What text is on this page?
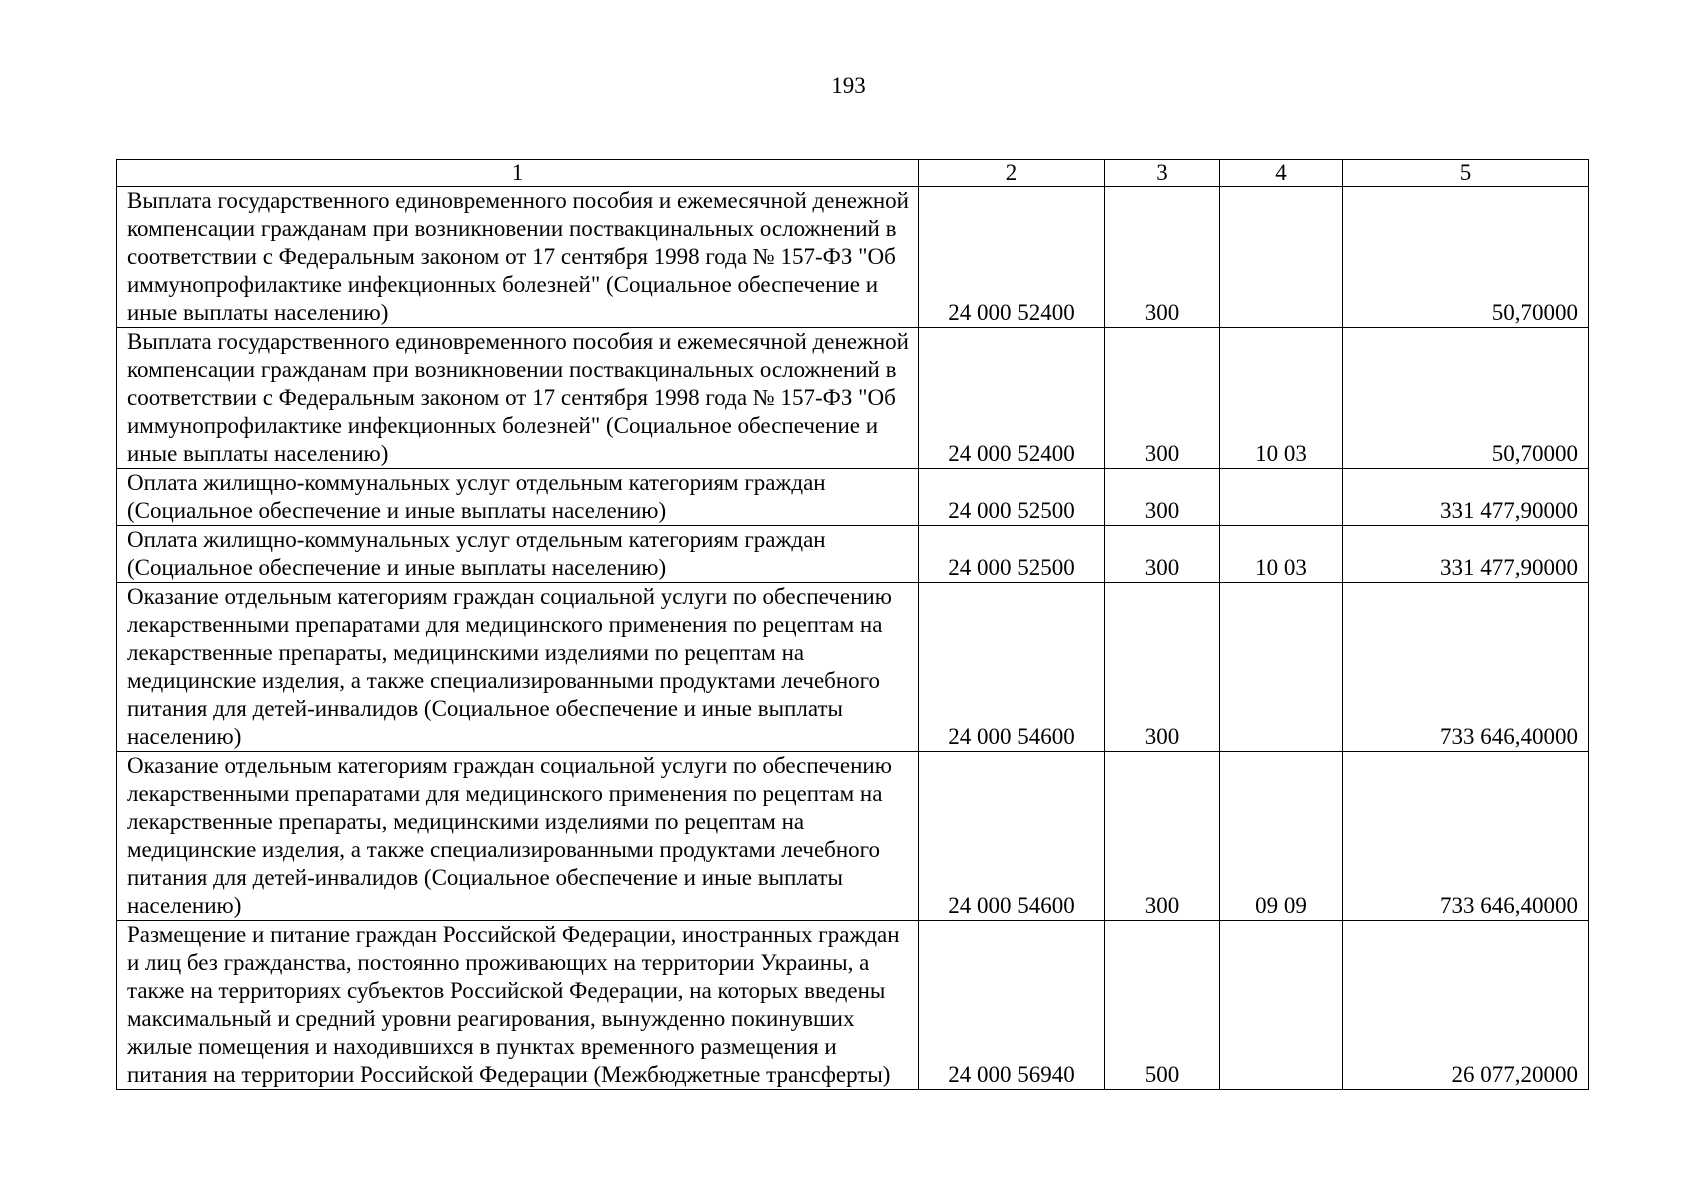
193
1	2	3	4	5
Выплата государственного единовременного пособия и ежемесячной денежной компенсации гражданам при возникновении поствакцинальных осложнений в соответствии с Федеральным законом от 17 сентября 1998 года № 157-ФЗ "Об иммунопрофилактике инфекционных болезней" (Социальное обеспечение и иные выплаты населению)	24 000 52400	300		50,70000
Выплата государственного единовременного пособия и ежемесячной денежной компенсации гражданам при возникновении поствакцинальных осложнений в соответствии с Федеральным законом от 17 сентября 1998 года № 157-ФЗ "Об иммунопрофилактике инфекционных болезней" (Социальное обеспечение и иные выплаты населению)	24 000 52400	300	10 03	50,70000
Оплата жилищно-коммунальных услуг отдельным категориям граждан (Социальное обеспечение и иные выплаты населению)	24 000 52500	300		331 477,90000
Оплата жилищно-коммунальных услуг отдельным категориям граждан (Социальное обеспечение и иные выплаты населению)	24 000 52500	300	10 03	331 477,90000
Оказание отдельным категориям граждан социальной услуги по обеспечению лекарственными препаратами для медицинского применения по рецептам на лекарственные препараты, медицинскими изделиями по рецептам на медицинские изделия, а также специализированными продуктами лечебного питания для детей-инвалидов (Социальное обеспечение и иные выплаты населению)	24 000 54600	300		733 646,40000
Оказание отдельным категориям граждан социальной услуги по обеспечению лекарственными препаратами для медицинского применения по рецептам на лекарственные препараты, медицинскими изделиями по рецептам на медицинские изделия, а также специализированными продуктами лечебного питания для детей-инвалидов (Социальное обеспечение и иные выплаты населению)	24 000 54600	300	09 09	733 646,40000
Размещение и питание граждан Российской Федерации, иностранных граждан и лиц без гражданства, постоянно проживающих на территории Украины, а также на территориях субъектов Российской Федерации, на которых введены максимальный и средний уровни реагирования, вынужденно покинувших жилые помещения и находившихся в пунктах временного размещения и питания на территории Российской Федерации (Межбюджетные трансферты)	24 000 56940	500		26 077,20000
